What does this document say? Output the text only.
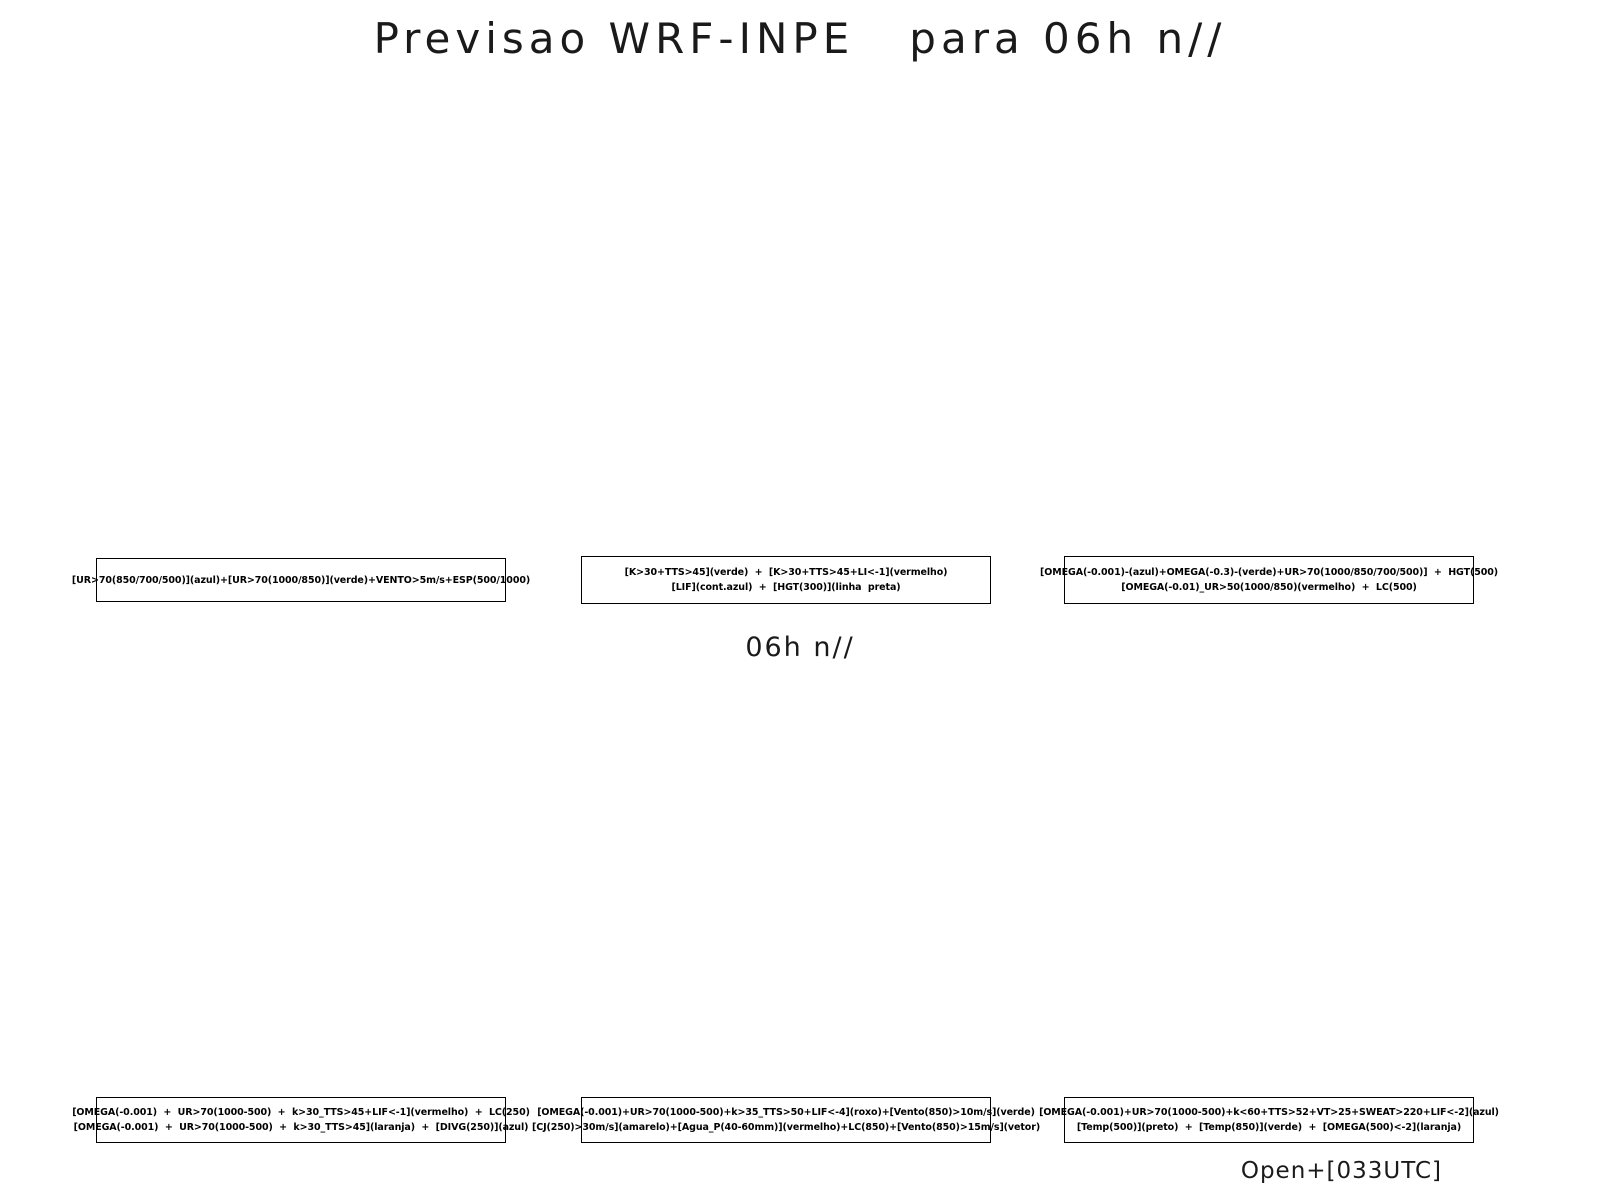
Previsao WRF-INPE   para 06h n//
06h n//
[UR>70(850/700/500)](azul)+[UR>70(1000/850)](verde)+VENTO>5m/s+ESP(500/1000)
[K>30+TTS>45](verde)  +  [K>30+TTS>45+LI<-1](vermelho)
[LIF](cont.azul)  +  [HGT(300)](linha  preta)
[OMEGA(-0.001)-(azul)+OMEGA(-0.3)-(verde)+UR>70(1000/850/700/500)]  +  HGT(500)
[OMEGA(-0.01)_UR>50(1000/850)(vermelho)  +  LC(500)
[OMEGA(-0.001)  +  UR>70(1000-500)  +  k>30_TTS>45+LIF<-1](vermelho)  +  LC(250)
[OMEGA(-0.001)  +  UR>70(1000-500)  +  k>30_TTS>45](laranja)  +  [DIVG(250)](azul)
[OMEGA(-0.001)+UR>70(1000-500)+k>35_TTS>50+LIF<-4](roxo)+[Vento(850)>10m/s](verde)
[CJ(250)>30m/s](amarelo)+[Agua_P(40-60mm)](vermelho)+LC(850)+[Vento(850)>15m/s](vetor)
[OMEGA(-0.001)+UR>70(1000-500)+k<60+TTS>52+VT>25+SWEAT>220+LIF<-2](azul)
[Temp(500)](preto)  +  [Temp(850)](verde)  +  [OMEGA(500)<-2](laranja)
Open+[033UTC]
